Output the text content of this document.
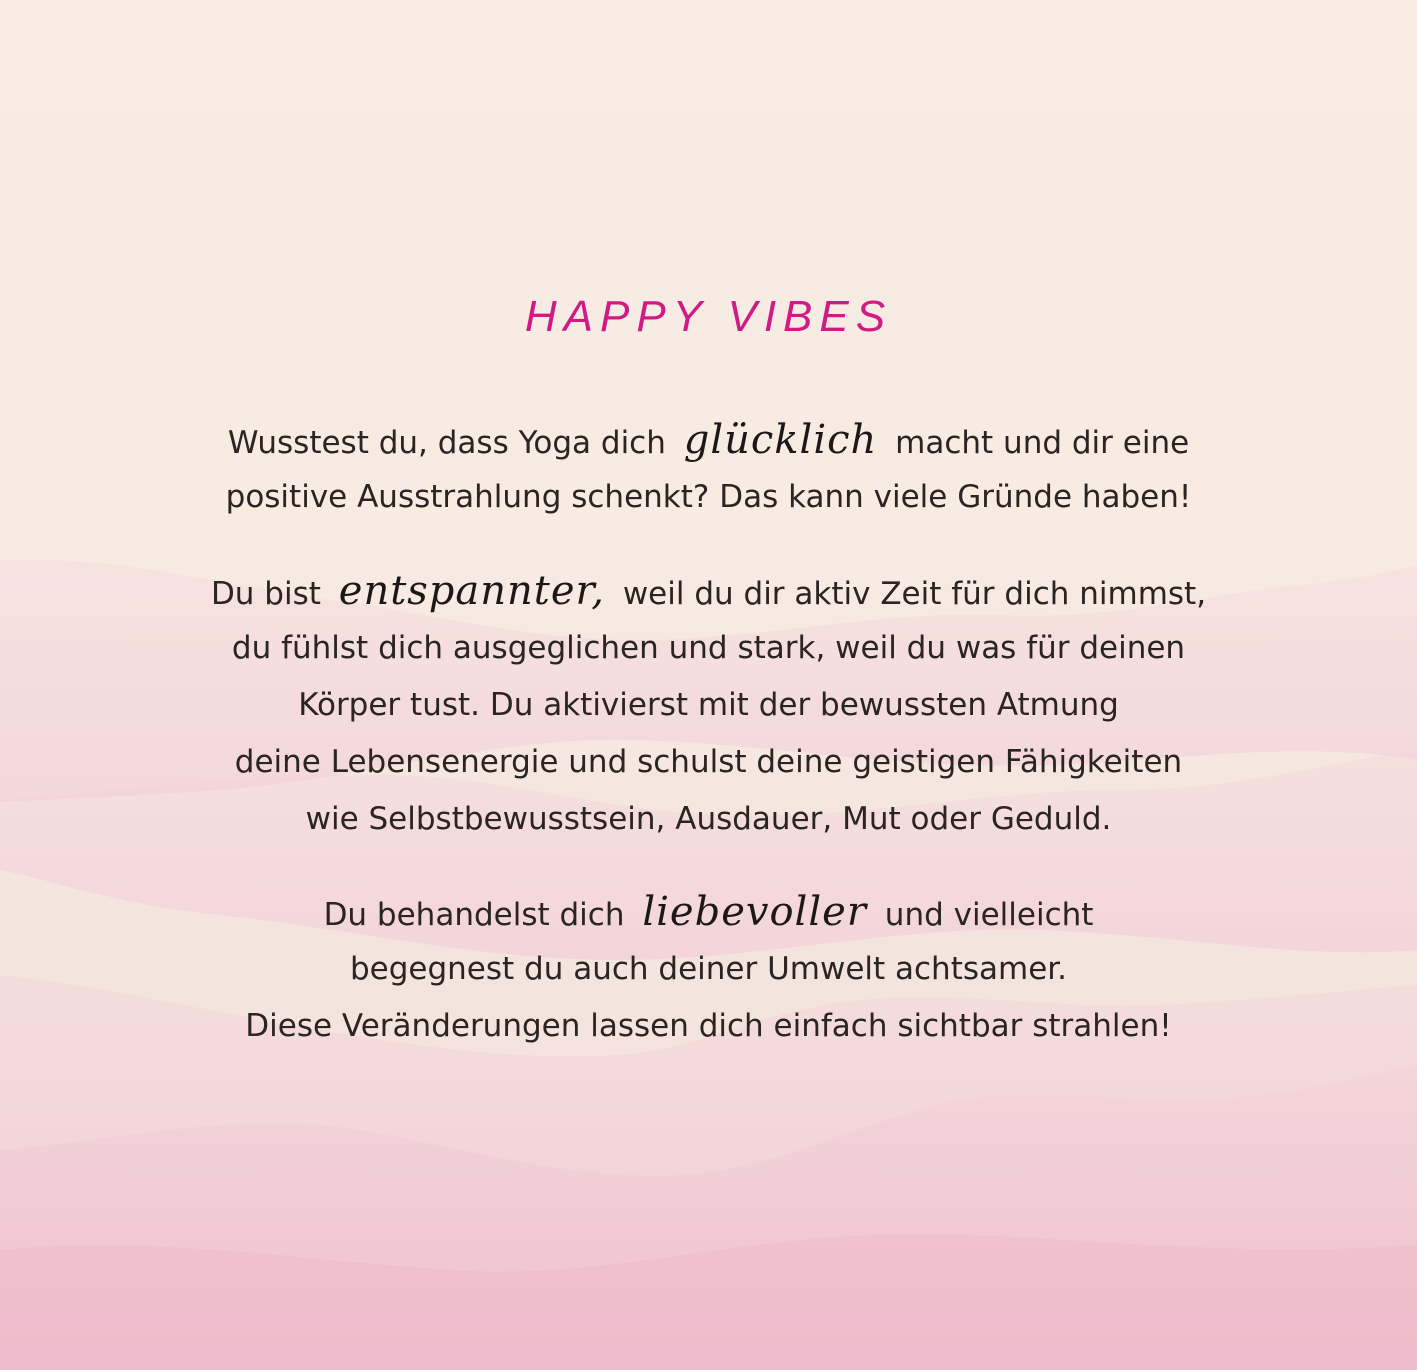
HAPPY VIBES
Wusstest du, dass Yoga dich glücklich macht und dir eine
positive Ausstrahlung schenkt? Das kann viele Gründe haben!
Du bist entspannter, weil du dir aktiv Zeit für dich nimmst,
du fühlst dich ausgeglichen und stark, weil du was für deinen
Körper tust. Du aktivierst mit der bewussten Atmung
deine Lebensenergie und schulst deine geistigen Fähigkeiten
wie Selbstbewusstsein, Ausdauer, Mut oder Geduld.
Du behandelst dich liebevoller und vielleicht
begegnest du auch deiner Umwelt achtsamer.
Diese Veränderungen lassen dich einfach sichtbar strahlen!
